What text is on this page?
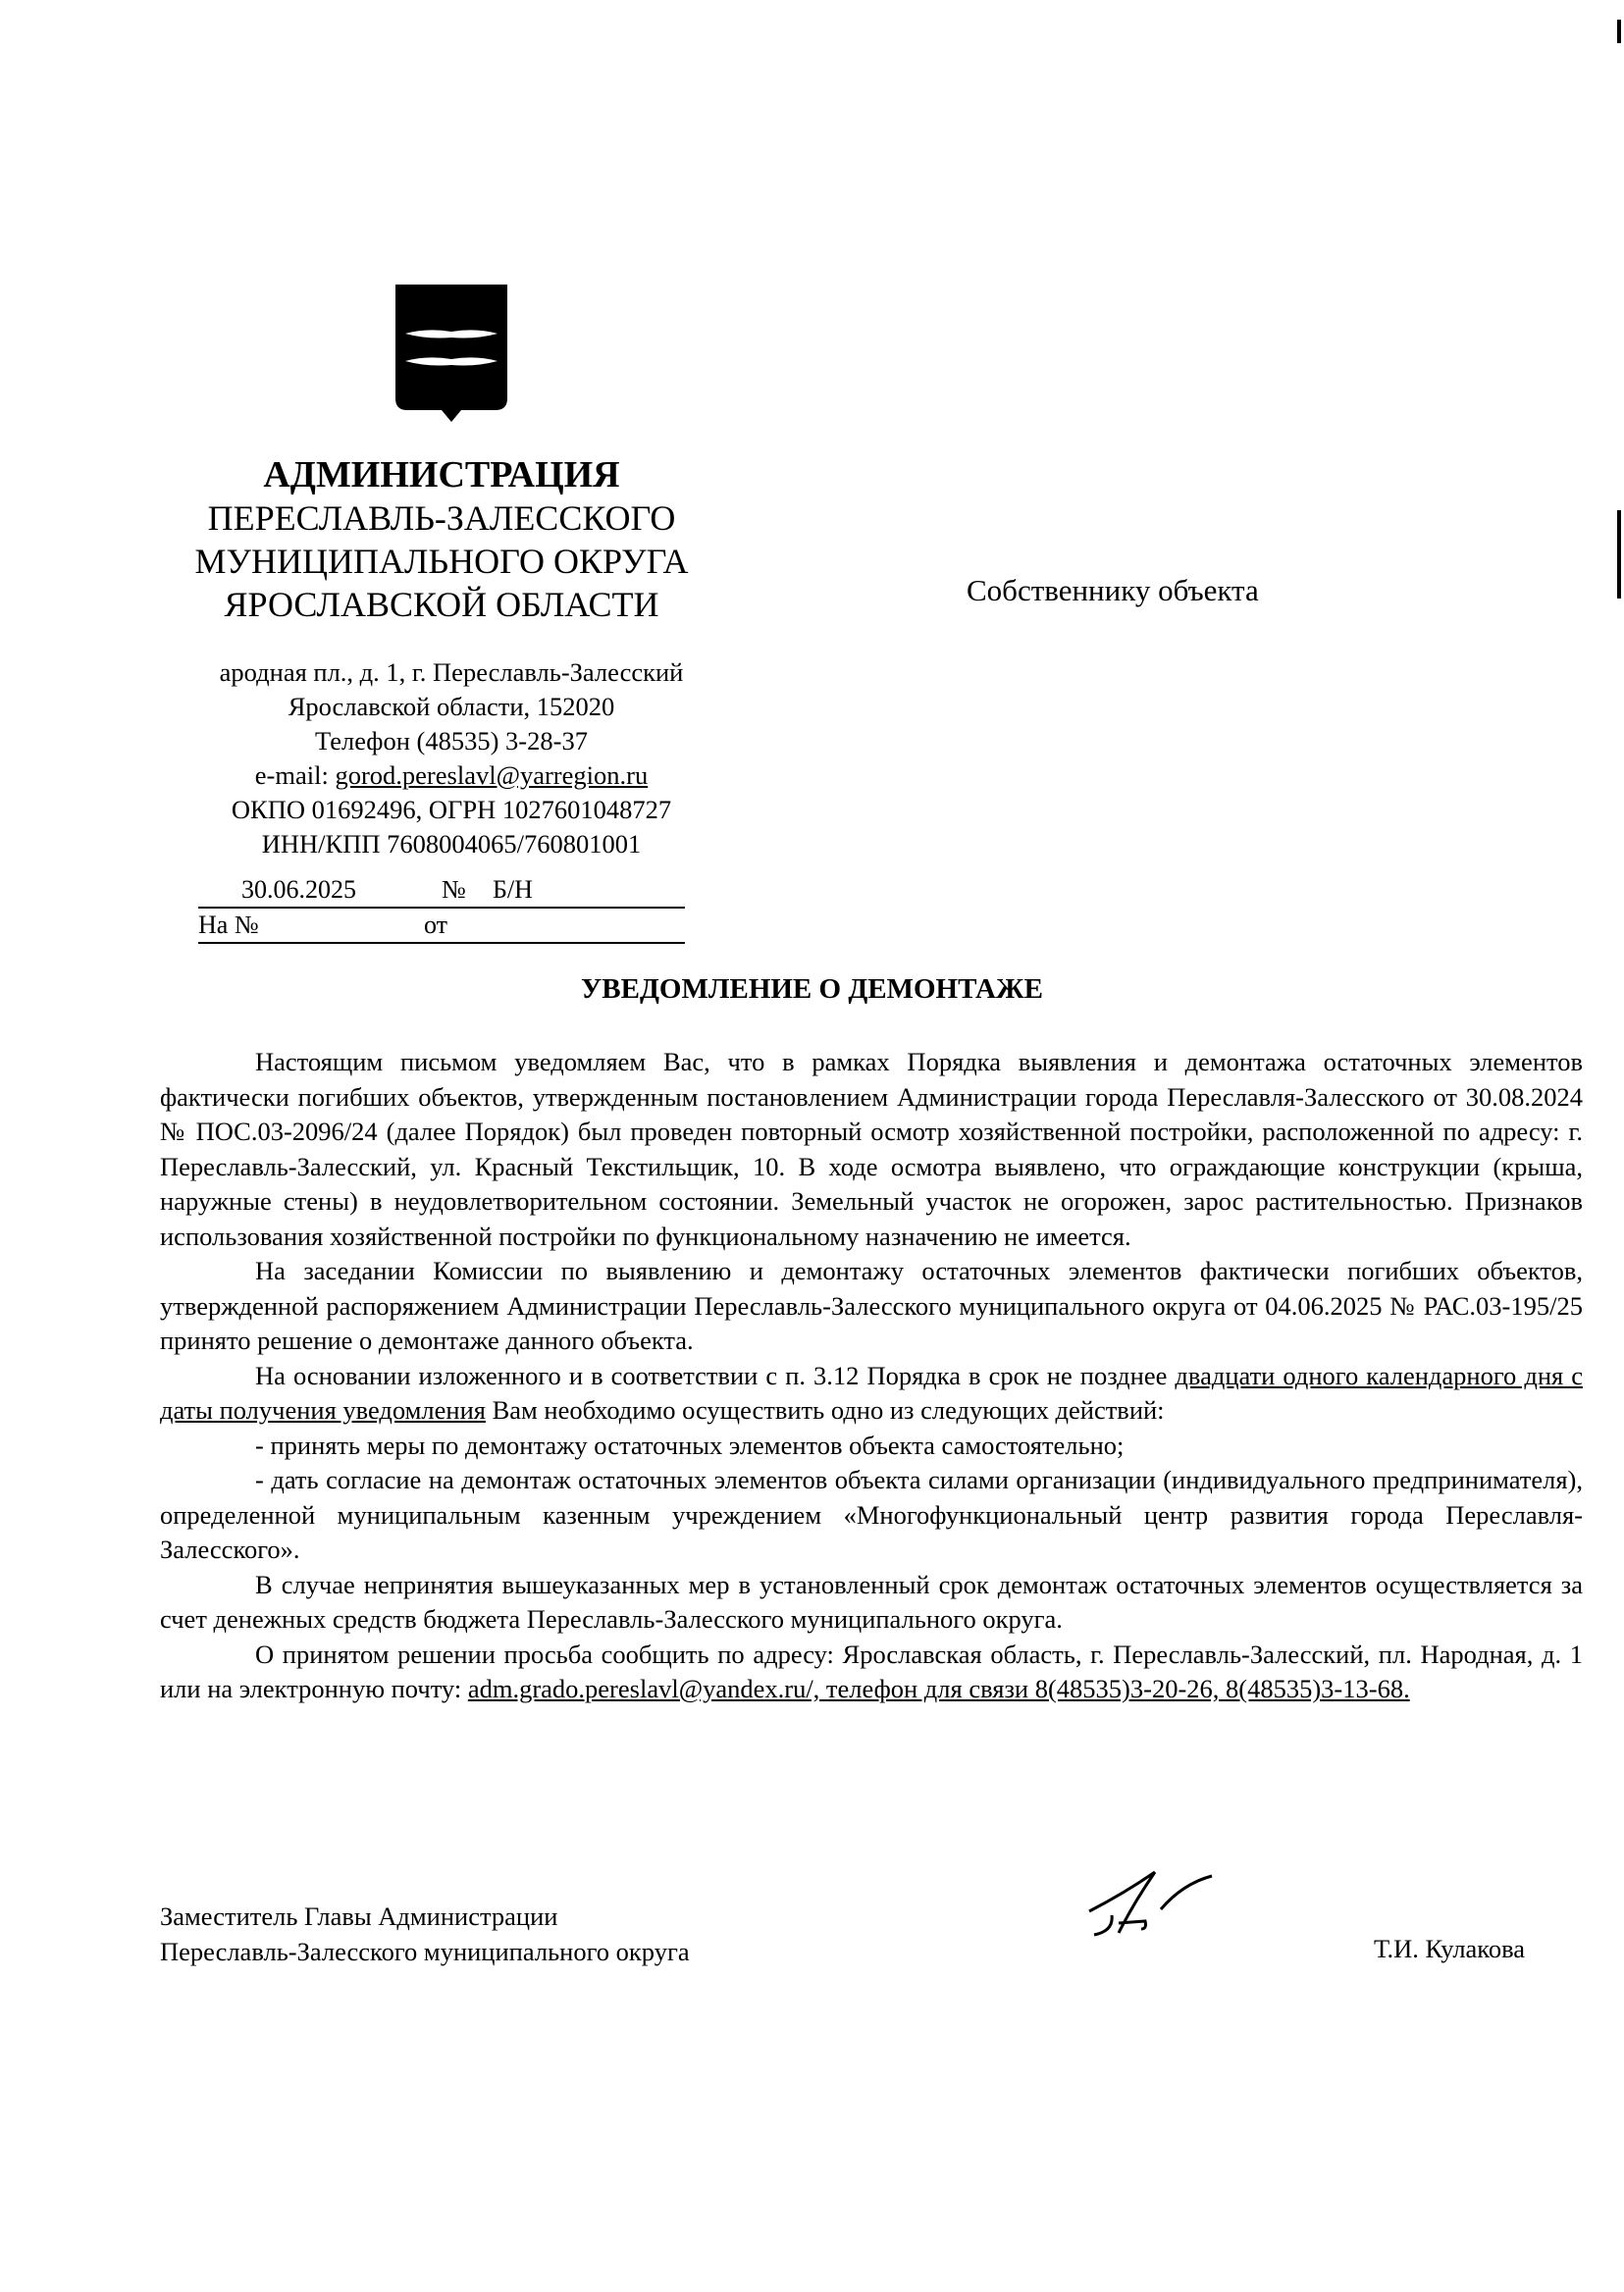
АДМИНИСТРАЦИЯ
ПЕРЕСЛАВЛЬ-ЗАЛЕССКОГО
МУНИЦИПАЛЬНОГО ОКРУГА
ЯРОСЛАВСКОЙ ОБЛАСТИ
ародная пл., д. 1, г. Переславль-Залесский
Ярославской области, 152020
Телефон (48535) 3-28-37
e-mail: gorod.pereslavl@yarregion.ru
ОКПО 01692496, ОГРН 1027601048727
ИНН/КПП 7608004065/760801001
30.06.2025	№ Б/Н
На №	от
Собственнику объекта
УВЕДОМЛЕНИЕ О ДЕМОНТАЖЕ

Настоящим письмом уведомляем Вас, что в рамках Порядка выявления и демонтажа остаточных элементов фактически погибших объектов, утвержденным постановлением Администрации города Переславля-Залесского от 30.08.2024 № ПОС.03-2096/24 (далее Порядок) был проведен повторный осмотр хозяйственной постройки, расположенной по адресу: г. Переславль-Залесский, ул. Красный Текстильщик, 10. В ходе осмотра выявлено, что ограждающие конструкции (крыша, наружные стены) в неудовлетворительном состоянии. Земельный участок не огорожен, зарос растительностью. Признаков использования хозяйственной постройки по функциональному назначению не имеется.

На заседании Комиссии по выявлению и демонтажу остаточных элементов фактически погибших объектов, утвержденной распоряжением Администрации Переславль-Залесского муниципального округа от 04.06.2025 № РАС.03-195/25 принято решение о демонтаже данного объекта.

На основании изложенного и в соответствии с п. 3.12 Порядка в срок не позднее двадцати одного календарного дня с даты получения уведомления Вам необходимо осуществить одно из следующих действий:

- принять меры по демонтажу остаточных элементов объекта самостоятельно;

- дать согласие на демонтаж остаточных элементов объекта силами организации (индивидуального предпринимателя), определенной муниципальным казенным учреждением «Многофункциональный центр развития города Переславля-Залесского».

В случае непринятия вышеуказанных мер в установленный срок демонтаж остаточных элементов осуществляется за счет денежных средств бюджета Переславль-Залесского муниципального округа.

О принятом решении просьба сообщить по адресу: Ярославская область, г. Переславль-Залесский, пл. Народная, д. 1 или на электронную почту: adm.grado.pereslavl@yandex.ru/, телефон для связи 8(48535)3-20-26, 8(48535)3-13-68.

Заместитель Главы Администрации
Переславль-Залесского муниципального округа	Т.И. Кулакова
